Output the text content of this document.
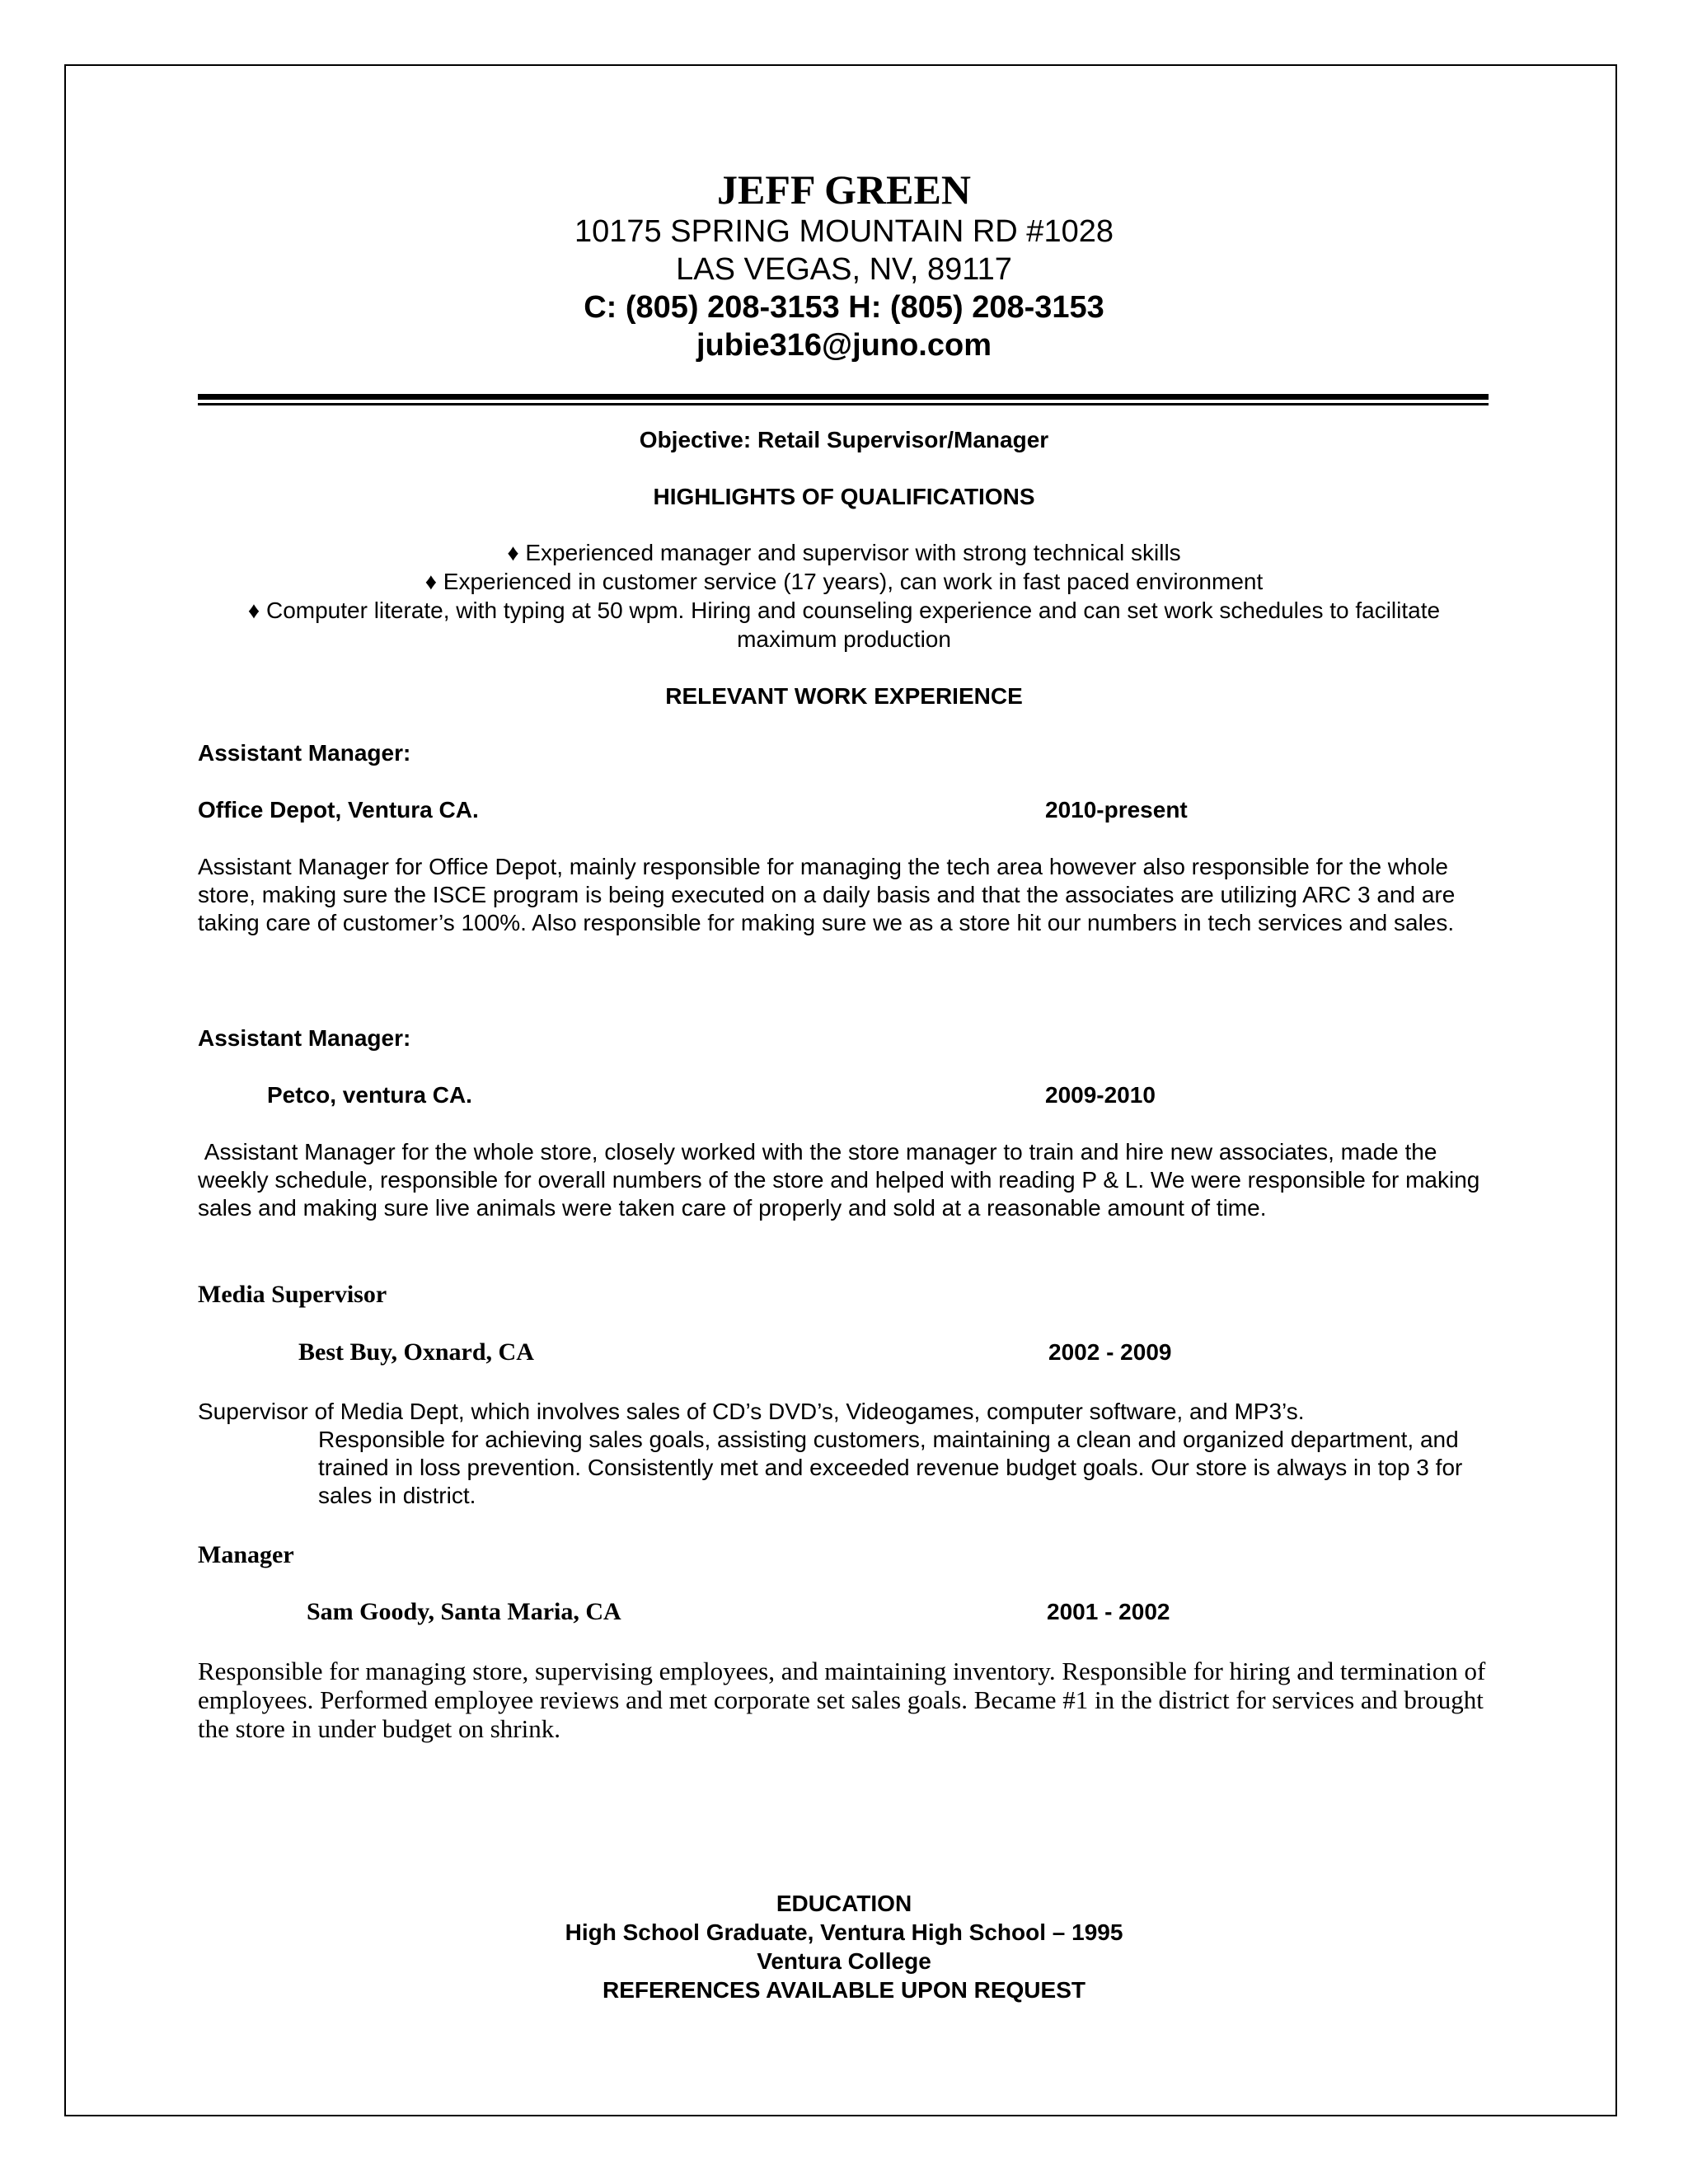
JEFF GREEN
10175 SPRING MOUNTAIN RD #1028
LAS VEGAS, NV, 89117
C: (805) 208-3153 H: (805) 208-3153
jubie316@juno.com
Objective: Retail Supervisor/Manager
HIGHLIGHTS OF QUALIFICATIONS
♦ Experienced manager and supervisor with strong technical skills
♦ Experienced in customer service (17 years), can work in fast paced environment
♦ Computer literate, with typing at 50 wpm. Hiring and counseling experience and can set work schedules to facilitate
maximum production
RELEVANT WORK EXPERIENCE
Assistant Manager:
Office Depot, Ventura CA.	2010-present
Assistant Manager for Office Depot, mainly responsible for managing the tech area however also responsible for the whole store, making sure the ISCE program is being executed on a daily basis and that the associates are utilizing ARC 3 and are taking care of customer’s 100%. Also responsible for making sure we as a store hit our numbers in tech services and sales.
Assistant Manager:
Petco, ventura CA.	2009-2010
Assistant Manager for the whole store, closely worked with the store manager to train and hire new associates, made the weekly schedule, responsible for overall numbers of the store and helped with reading P & L. We were responsible for making sales and making sure live animals were taken care of properly and sold at a reasonable amount of time.
Media Supervisor
Best Buy, Oxnard, CA	2002 - 2009
Supervisor of Media Dept, which involves sales of CD’s DVD’s, Videogames, computer software, and MP3’s.
Responsible for achieving sales goals, assisting customers, maintaining a clean and organized department, and trained in loss prevention. Consistently met and exceeded revenue budget goals. Our store is always in top 3 for sales in district.
Manager
Sam Goody, Santa Maria, CA	2001 - 2002
Responsible for managing store, supervising employees, and maintaining inventory. Responsible for hiring and termination of employees. Performed employee reviews and met corporate set sales goals. Became #1 in the district for services and brought the store in under budget on shrink.
EDUCATION
High School Graduate, Ventura High School – 1995
Ventura College
REFERENCES AVAILABLE UPON REQUEST
